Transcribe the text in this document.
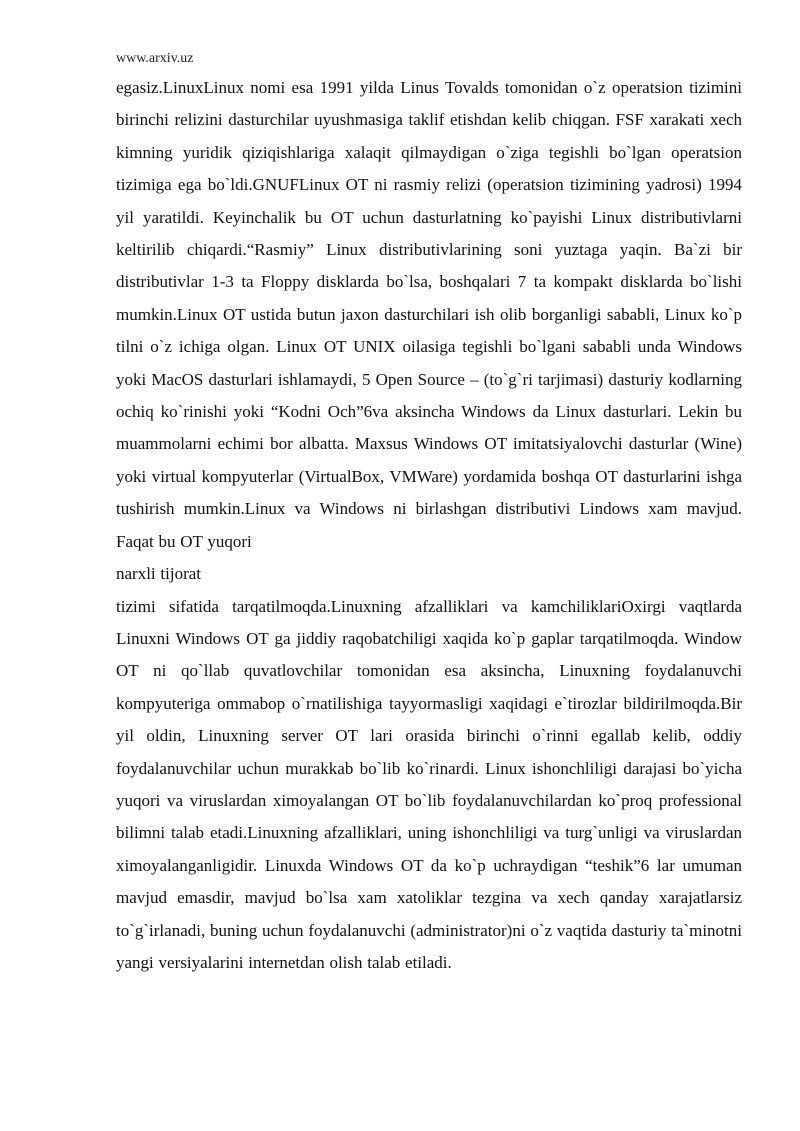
www.arxiv.uz

egasiz.LinuxLinux nomi esa 1991 yilda Linus Tovalds tomonidan o`z operatsion tizimini birinchi relizini dasturchilar uyushmasiga taklif etishdan kelib chiqgan. FSF xarakati xech kimning yuridik qiziqishlariga xalaqit qilmaydigan o`ziga tegishli bo`lgan operatsion tizimiga ega bo`ldi.GNUFLinux OT ni rasmiy relizi (operatsion tizimining yadrosi) 1994 yil yaratildi. Keyinchalik bu OT uchun dasturlatning ko`payishi Linux distributivlarni keltirilib chiqardi.“Rasmiy” Linux distributivlarining soni yuztaga yaqin. Ba`zi bir distributivlar 1-3 ta Floppy disklarda bo`lsa, boshqalari 7 ta kompakt disklarda bo`lishi mumkin.Linux OT ustida butun jaxon dasturchilari ish olib borganligi sababli, Linux ko`p tilni o`z ichiga olgan. Linux OT UNIX oilasiga tegishli bo`lgani sababli unda Windows yoki MacOS dasturlari ishlamaydi, 5 Open Source – (to`g`ri tarjimasi) dasturiy kodlarning ochiq ko`rinishi yoki “Kodni Och”6va aksincha Windows da Linux dasturlari. Lekin bu muammolarni echimi bor albatta. Maxsus Windows OT imitatsiyalovchi dasturlar (Wine) yoki virtual kompyuterlar (VirtualBox, VMWare) yordamida boshqa OT dasturlarini ishga tushirish mumkin.Linux va Windows ni birlashgan distributivi Lindows xam mavjud. Faqat bu OT yuqori

narxli tijorat

tizimi sifatida tarqatilmoqda.Linuxning afzalliklari va kamchiliklariOxirgi vaqtlarda Linuxni Windows OT ga jiddiy raqobatchiligi xaqida ko`p gaplar tarqatilmoqda. Window OT ni qo`llab quvatlovchilar tomonidan esa aksincha, Linuxning foydalanuvchi kompyuteriga ommabop o`rnatilishiga tayyormasligi xaqidagi e`tirozlar bildirilmoqda.Bir yil oldin, Linuxning server OT lari orasida birinchi o`rinni egallab kelib, oddiy foydalanuvchilar uchun murakkab bo`lib ko`rinardi. Linux ishonchliligi darajasi bo`yicha yuqori va viruslardan ximoyalangan OT bo`lib foydalanuvchilardan ko`proq professional bilimni talab etadi.Linuxning afzalliklari, uning ishonchliligi va turg`unligi va viruslardan ximoyalanganligidir. Linuxda Windows OT da ko`p uchraydigan “teshik”6 lar umuman mavjud emasdir, mavjud bo`lsa xam xatoliklar tezgina va xech qanday xarajatlarsiz to`g`irlanadi, buning uchun foydalanuvchi (administrator)ni o`z vaqtida dasturiy ta`minotni yangi versiyalarini internetdan olish talab etiladi.
